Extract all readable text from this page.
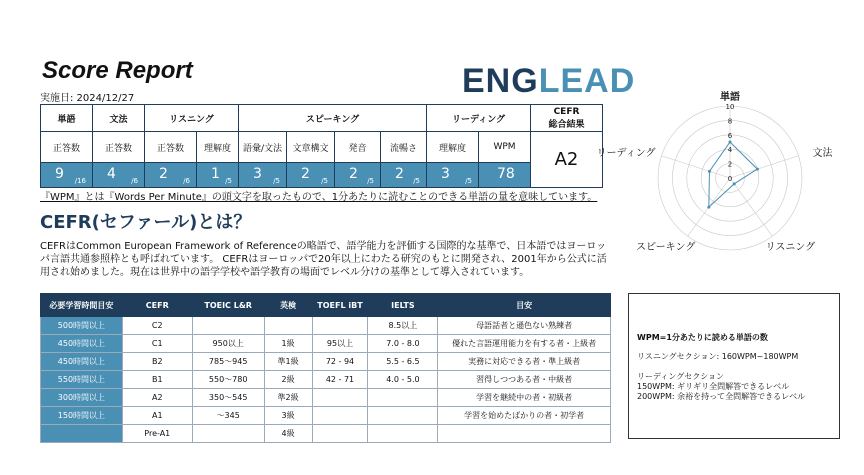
Score Report
実施日: 2024/12/27	ENGLEAD
単語	文法	リスニング		スピーキング				リーディング		CEFR
総合結果
正答数	正答数	正答数	理解度	語彙/文法	文章構文	発音	流暢さ	理解度	WPM	A2

9 /16	4 /6	2 /6	1 /5	3 /5	2 /5	2 /5	2 /5	3 /5	78	
『WPM』とは『Words Per Minute』の頭文字を取ったもので、1分あたりに読むことのできる単語の量を意味しています。
CEFR(セファール)とは？
CEFRはCommon European Framework of Referenceの略語で、語学能力を評価する国際的な基準で、日本語ではヨーロッパ言語共通参照枠とも呼ばれています。 CEFRはヨーロッパで20年以上にわたる研究のもとに開発され、2001年から公式に活用され始めました。現在は世界中の語学学校や語学教育の場面でレベル分けの基準として導入されています。
必要学習時間目安	CEFR	TOEIC L&R	英検	TOEFL iBT	IELTS	目安
500時間以上	C2				8.5以上	母語話者と遜色ない熟練者
450時間以上	C1	950以上	1級	95以上	7.0 - 8.0	優れた言語運用能力を有する者・上級者
450時間以上	B2	785～945	準1級	72 - 94	5.5 - 6.5	実務に対応できる者・準上級者
550時間以上	B1	550～780	2級	42 - 71	4.0 - 5.0	習得しつつある者・中級者
300時間以上	A2	350～545	準2級			学習を継続中の者・初級者
150時間以上	A1	～345	3級			学習を始めたばかりの者・初学者
	Pre-A1		4級			
0
2
4
6
8
10
単語
文法
リスニング
スピーキング
リーディング
WPM=1分あたりに読める単語の数
リスニングセクション: 160WPM~180WPM
リーディングセクション
150WPM: ギリギリ全問解答できるレベル
200WPM: 余裕を持って全問解答できるレベル
